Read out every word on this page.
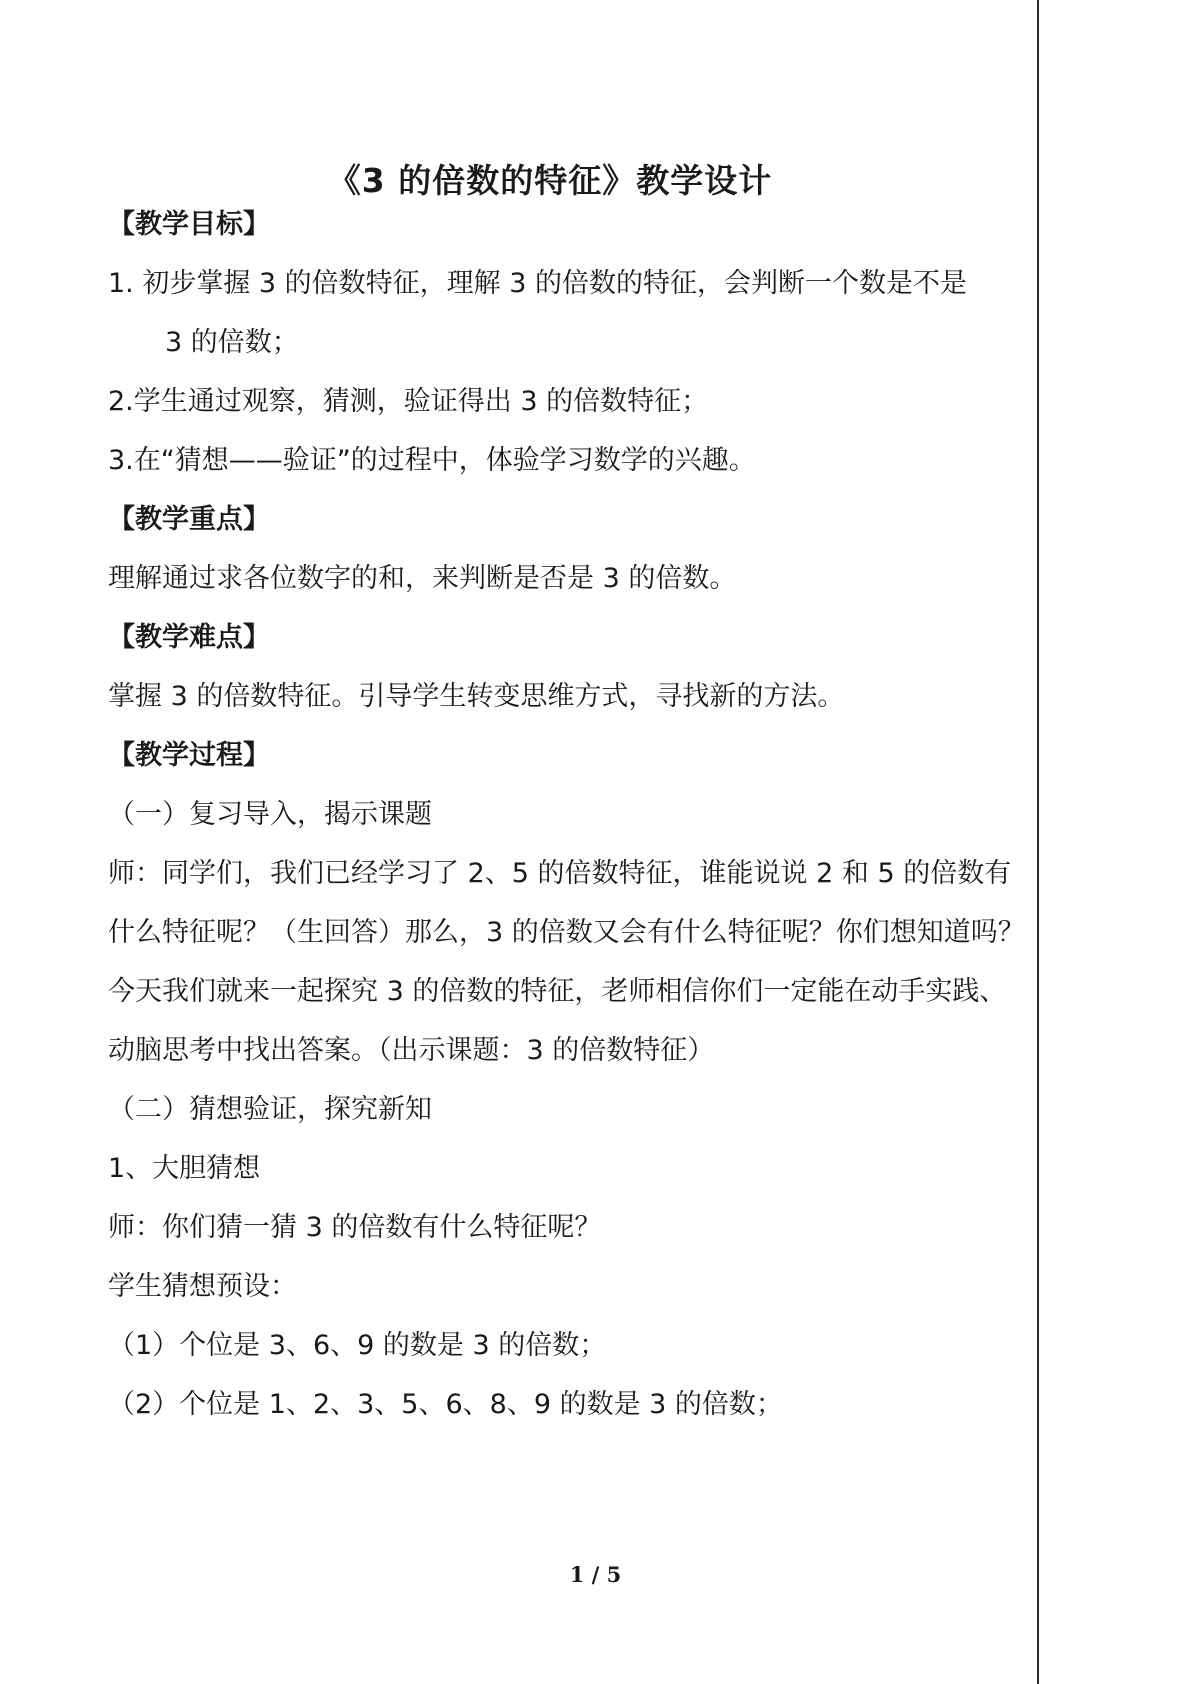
《3 的倍数的特征》教学设计
【教学目标】
1. 初步掌握 3 的倍数特征，理解 3 的倍数的特征，会判断一个数是不是
3 的倍数；
2.学生通过观察，猜测，验证得出 3 的倍数特征；
3.在“猜想——验证”的过程中，体验学习数学的兴趣。
【教学重点】
理解通过求各位数字的和，来判断是否是 3 的倍数。
【教学难点】
掌握 3 的倍数特征。引导学生转变思维方式，寻找新的方法。
【教学过程】
（一）复习导入，揭示课题
师：同学们，我们已经学习了 2、5 的倍数特征，谁能说说 2 和 5 的倍数有
什么特征呢？（生回答）那么，3 的倍数又会有什么特征呢？你们想知道吗？
今天我们就来一起探究 3 的倍数的特征，老师相信你们一定能在动手实践、
动脑思考中找出答案。（出示课题：3 的倍数特征）
（二）猜想验证，探究新知
1、大胆猜想
师：你们猜一猜 3 的倍数有什么特征呢？
学生猜想预设：
（1）个位是 3、6、9 的数是 3 的倍数；
（2）个位是 1、2、3、5、6、8、9 的数是 3 的倍数；
1 / 5
